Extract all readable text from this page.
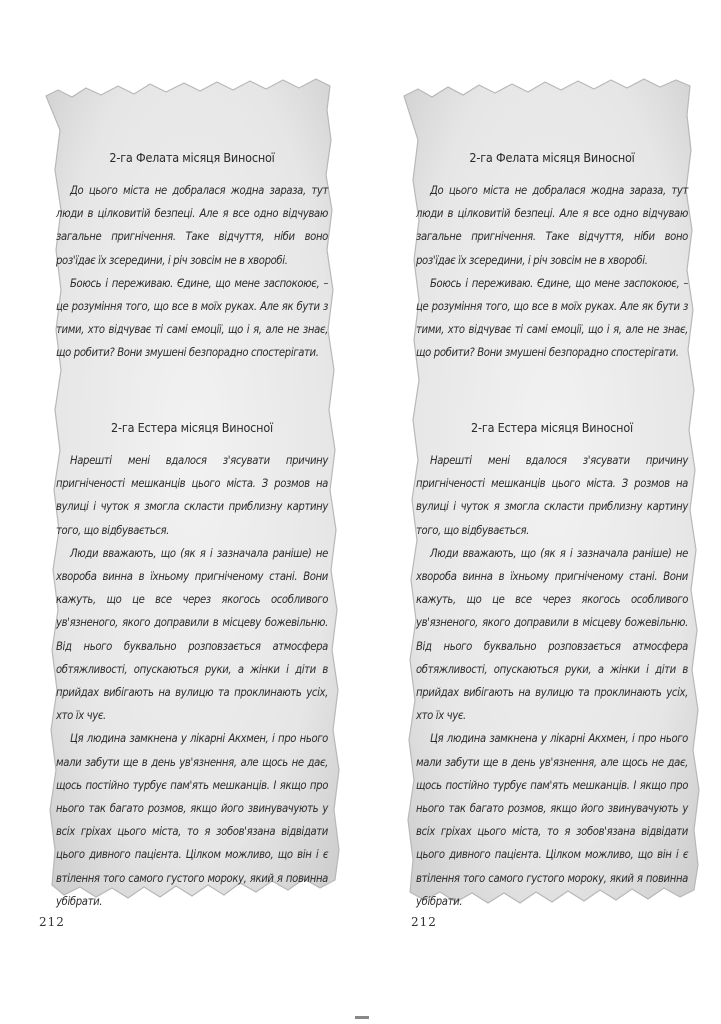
2-га Фелата місяця Виносної

До цього міста не добралася жодна зараза, тут люди в цілковитій безпеці. Але я все одно відчуваю загальне пригнічення. Таке відчуття, ніби воно роз'їдає їх зсередини, і річ зовсім не в хворобі.

Боюсь і переживаю. Єдине, що мене заспокоює, – це розуміння того, що все в моїх руках. Але як бути з тими, хто відчуває ті самі емоції, що і я, але не знає, що робити? Вони змушені безпорадно спостерігати.

2-га Естера місяця Виносної

Нарешті мені вдалося з'ясувати причину пригніченості мешканців цього міста. З розмов на вулиці і чуток я змогла скласти приблизну картину того, що відбувається.

Люди вважають, що (як я і зазначала раніше) не хвороба винна в їхньому пригніченому стані. Вони кажуть, що це все через якогось особливого ув'язненого, якого доправили в місцеву божевільню. Від нього буквально розповзається атмосфера обтяжливості, опускаються руки, а жінки і діти в прийдах вибігають на вулицю та проклинають усіх, хто їх чує.

Ця людина замкнена у лікарні Акхмен, і про нього мали забути ще в день ув'язнення, але щось не дає, щось постійно турбує пам'ять мешканців. І якщо про нього так багато розмов, якщо його звинувачують у всіх гріхах цього міста, то я зобов'язана відвідати цього дивного пацієнта. Цілком можливо, що він і є втілення того самого густого мороку, який я повинна убібрати.

2-га Фелата місяця Виносної

До цього міста не добралася жодна зараза, тут люди в цілковитій безпеці. Але я все одно відчуваю загальне пригнічення. Таке відчуття, ніби воно роз'їдає їх зсередини, і річ зовсім не в хворобі.

Боюсь і переживаю. Єдине, що мене заспокоює, – це розуміння того, що все в моїх руках. Але як бути з тими, хто відчуває ті самі емоції, що і я, але не знає, що робити? Вони змушені безпорадно спостерігати.

2-га Естера місяця Виносної

Нарешті мені вдалося з'ясувати причину пригніченості мешканців цього міста. З розмов на вулиці і чуток я змогла скласти приблизну картину того, що відбувається.

Люди вважають, що (як я і зазначала раніше) не хвороба винна в їхньому пригніченому стані. Вони кажуть, що це все через якогось особливого ув'язненого, якого доправили в місцеву божевільню. Від нього буквально розповзається атмосфера обтяжливості, опускаються руки, а жінки і діти в прийдах вибігають на вулицю та проклинають усіх, хто їх чує.

Ця людина замкнена у лікарні Акхмен, і про нього мали забути ще в день ув'язнення, але щось не дає, щось постійно турбує пам'ять мешканців. І якщо про нього так багато розмов, якщо його звинувачують у всіх гріхах цього міста, то я зобов'язана відвідати цього дивного пацієнта. Цілком можливо, що він і є втілення того самого густого мороку, який я повинна убібрати.

212	212
